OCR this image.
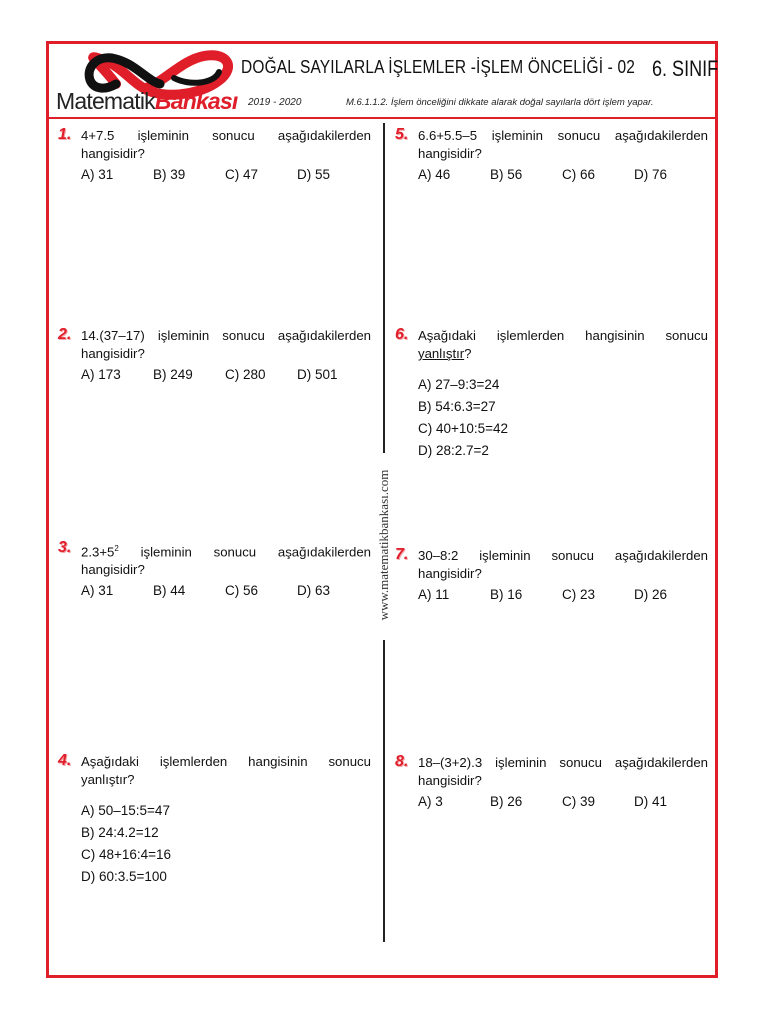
MatematikBankası
DOĞAL SAYILARLA İŞLEMLER -İŞLEM ÖNCELİĞİ - 02 6. SINIF
2019 - 2020	M.6.1.1.2. İşlem önceliğini dikkate alarak doğal sayılarla dört işlem yapar.
www.matematikbankası.com
1. 4+7.5 işleminin sonucu aşağıdakilerden hangisidir?
A) 31	B) 39	C) 47	D) 55
2. 14.(37–17) işleminin sonucu aşağıdakilerden hangisidir?
A) 173	B) 249	C) 280	D) 501
3. $2.3+5^2$ işleminin sonucu aşağıdakilerden hangisidir?
A) 31	B) 44	C) 56	D) 63
4. Aşağıdaki işlemlerden hangisinin sonucu yanlıştır?
A) 50–15:5=47
B) 24:4.2=12
C) 48+16:4=16
D) 60:3.5=100
5. 6.6+5.5–5 işleminin sonucu aşağıdakilerden hangisidir?
A) 46	B) 56	C) 66	D) 76
6. Aşağıdaki işlemlerden hangisinin sonucu yanlıştır?
A) 27–9:3=24
B) 54:6.3=27
C) 40+10:5=42
D) 28:2.7=2
7. 30–8:2 işleminin sonucu aşağıdakilerden hangisidir?
A) 11	B) 16	C) 23	D) 26
8. 18–(3+2).3 işleminin sonucu aşağıdakilerden hangisidir?
A) 3	B) 26	C) 39	D) 41
